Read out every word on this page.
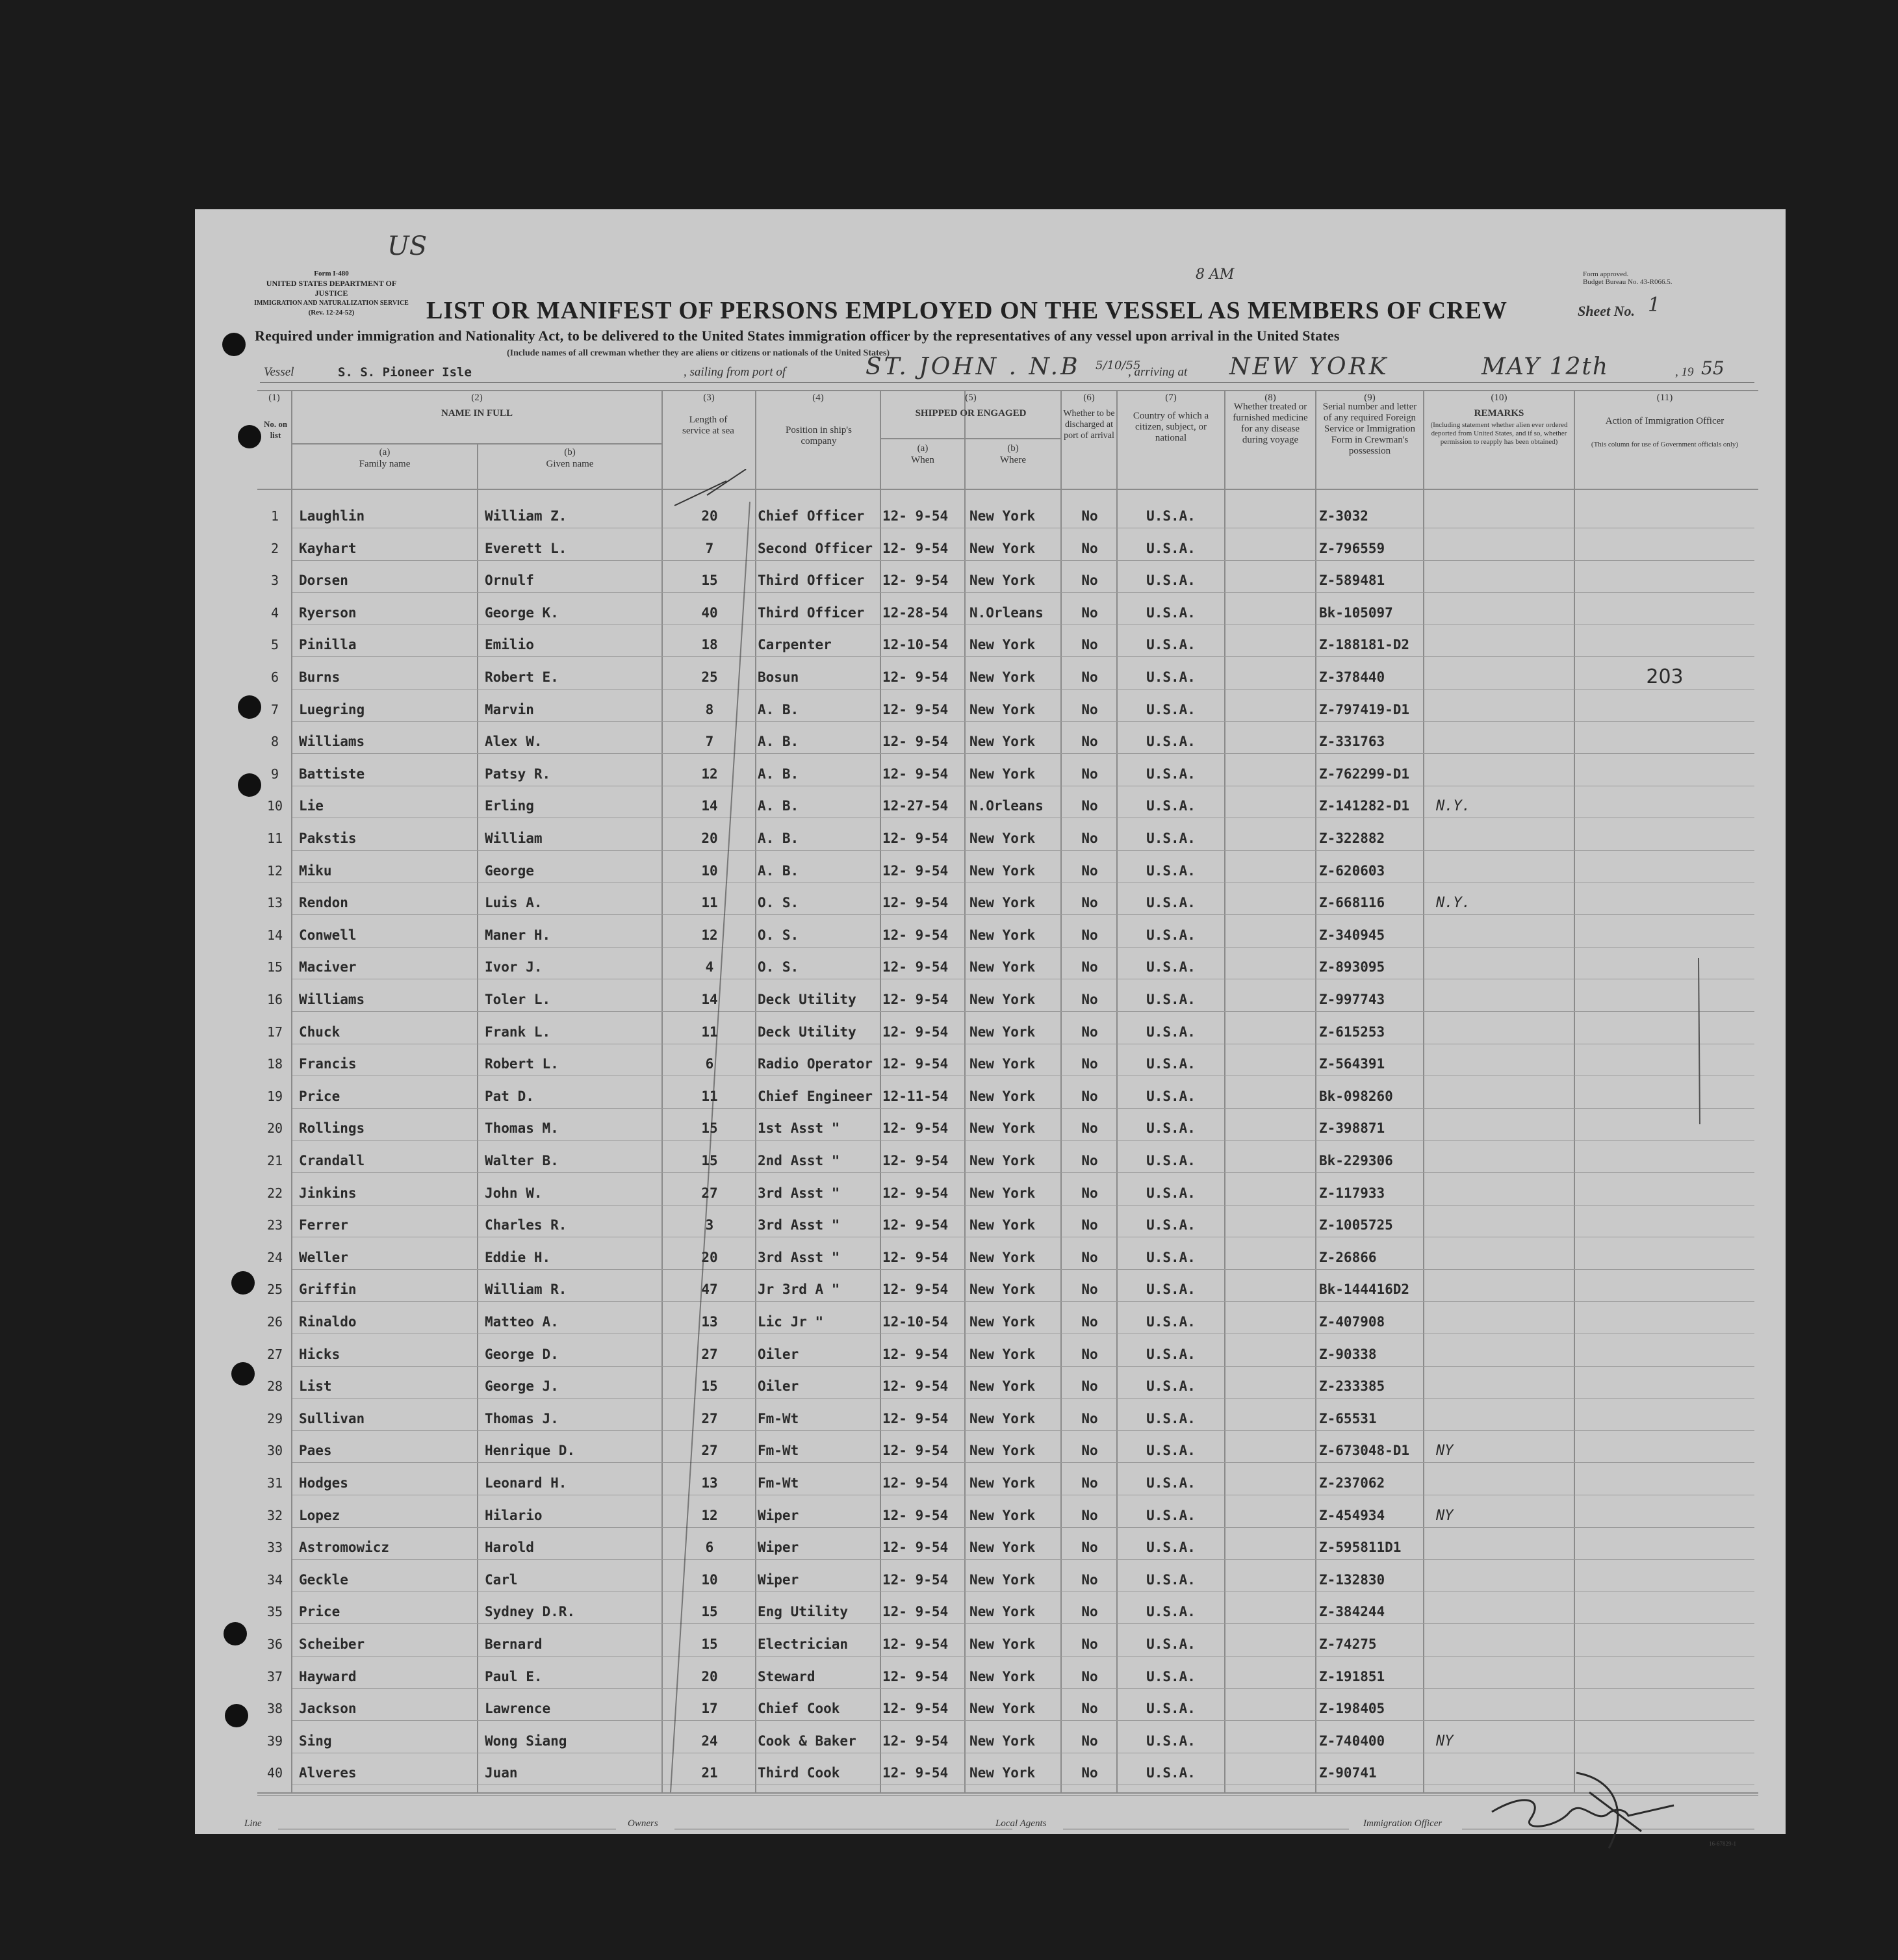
US
8 AM
Form I-480
UNITED STATES DEPARTMENT OF JUSTICE
IMMIGRATION AND NATURALIZATION SERVICE
(Rev. 12-24-52)
Form approved.
Budget Bureau No. 43-R066.5.
LIST OR MANIFEST OF PERSONS EMPLOYED ON THE VESSEL AS MEMBERS OF CREW	Sheet No. 1
Required under immigration and Nationality Act, to be delivered to the United States immigration officer by the representatives of any vessel upon arrival in the United States
(Include names of all crewman whether they are aliens or citizens or nationals of the United States)
Vessel	S. S. Pioneer Isle	, sailing from port of	ST. JOHN . N.B 5/10/55
, arriving at NEW YORK	MAY 12th	, 19 55
(1)
No. on list
(2)
NAME IN FULL
(a)
Family name
(b)
Given name
(3)
Length of service at sea
(4)
Position in ship's company
(5)
SHIPPED OR ENGAGED
(a)
When
(b)
Where
(6)
Whether to be discharged at port of arrival
(7)
Country of which a citizen, subject, or national
(8)
Whether treated or furnished medicine for any disease during voyage
(9)
Serial number and letter of any required Foreign Service or Immigration Form in Crewman's possession
(10)
REMARKS
(Including statement whether alien ever ordered deported from United States, and if so, whether permission to reapply has been obtained)
(11)
Action of Immigration Officer
(This column for use of Government officials only)
1	Laughlin	William Z.	20	Chief Officer 12- 9-54 New York	No	U.S.A.	Z-3032
2	Kayhart	Everett L.	7	Second Officer 12- 9-54 New York	No	U.S.A.	Z-796559
3	Dorsen	Ornulf	15	Third Officer 12- 9-54 New York	No	U.S.A.	Z-589481
4	Ryerson	George K.	40	Third Officer 12-28-54 N.Orleans	No	U.S.A.	Bk-105097
5	Pinilla	Emilio	18	Carpenter	12-10-54 New York	No	U.S.A.	Z-188181-D2
6	Burns	Robert E.	25	Bosun	12- 9-54 New York	No	U.S.A.	Z-378440	203
7	Luegring	Marvin	8	A. B.	12- 9-54 New York	No	U.S.A.	Z-797419-D1
8	Williams	Alex W.	7	A. B.	12- 9-54 New York	No	U.S.A.	Z-331763
9	Battiste	Patsy R.	12	A. B.	12- 9-54 New York	No	U.S.A.	Z-762299-D1
10	Lie	Erling	14	A. B.	12-27-54 N.Orleans	No	U.S.A.	Z-141282-D1 N.Y.
11	Pakstis	William	20	A. B.	12- 9-54 New York	No	U.S.A.	Z-322882
12	Miku	George	10	A. B.	12- 9-54 New York	No	U.S.A.	Z-620603
13	Rendon	Luis A.	11	O. S.	12- 9-54 New York	No	U.S.A.	Z-668116	N.Y.
14	Conwell	Maner H.	12	O. S.	12- 9-54 New York	No	U.S.A.	Z-340945
15	Maciver	Ivor J.	4	O. S.	12- 9-54 New York	No	U.S.A.	Z-893095
16	Williams	Toler L.	14	Deck Utility 12- 9-54 New York	No	U.S.A.	Z-997743
17	Chuck	Frank L.	11	Deck Utility 12- 9-54 New York	No	U.S.A.	Z-615253
18	Francis	Robert L.	6	Radio Operator 12- 9-54 New York	No	U.S.A.	Z-564391
19	Price	Pat D.	11	Chief Engineer 12-11-54 New York	No	U.S.A.	Bk-098260
20	Rollings	Thomas M.	15	1st Asst "	12- 9-54 New York	No	U.S.A.	Z-398871
21	Crandall	Walter B.	15	2nd Asst "	12- 9-54 New York	No	U.S.A.	Bk-229306
22	Jinkins	John W.	27	3rd Asst "	12- 9-54 New York	No	U.S.A.	Z-117933
23	Ferrer	Charles R.	3	3rd Asst "	12- 9-54 New York	No	U.S.A.	Z-1005725
24	Weller	Eddie H.	20	3rd Asst "	12- 9-54 New York	No	U.S.A.	Z-26866
25	Griffin	William R.	47	Jr 3rd A "	12- 9-54 New York	No	U.S.A.	Bk-144416D2
26	Rinaldo	Matteo A.	13	Lic Jr "	12-10-54 New York	No	U.S.A.	Z-407908
27	Hicks	George D.	27	Oiler	12- 9-54 New York	No	U.S.A.	Z-90338
28	List	George J.	15	Oiler	12- 9-54 New York	No	U.S.A.	Z-233385
29	Sullivan	Thomas J.	27	Fm-Wt	12- 9-54 New York	No	U.S.A.	Z-65531
30	Paes	Henrique D.	27	Fm-Wt	12- 9-54 New York	No	U.S.A.	Z-673048-D1 NY
31	Hodges	Leonard H.	13	Fm-Wt	12- 9-54 New York	No	U.S.A.	Z-237062
32	Lopez	Hilario	12	Wiper	12- 9-54 New York	No	U.S.A.	Z-454934	NY
33	Astromowicz	Harold	6	Wiper	12- 9-54 New York	No	U.S.A.	Z-595811D1
34	Geckle	Carl	10	Wiper	12- 9-54 New York	No	U.S.A.	Z-132830
35	Price	Sydney D.R.	15	Eng Utility	12- 9-54 New York	No	U.S.A.	Z-384244
36	Scheiber	Bernard	15	Electrician	12- 9-54 New York	No	U.S.A.	Z-74275
37	Hayward	Paul E.	20	Steward	12- 9-54 New York	No	U.S.A.	Z-191851
38	Jackson	Lawrence	17	Chief Cook	12- 9-54 New York	No	U.S.A.	Z-198405
39	Sing	Wong Siang	24	Cook & Baker 12- 9-54 New York	No	U.S.A.	Z-740400	NY
40	Alveres	Juan	21	Third Cook	12- 9-54 New York	No	U.S.A.	Z-90741
Line	Owners	Local Agents	Immigration Officer
16-67829-1
